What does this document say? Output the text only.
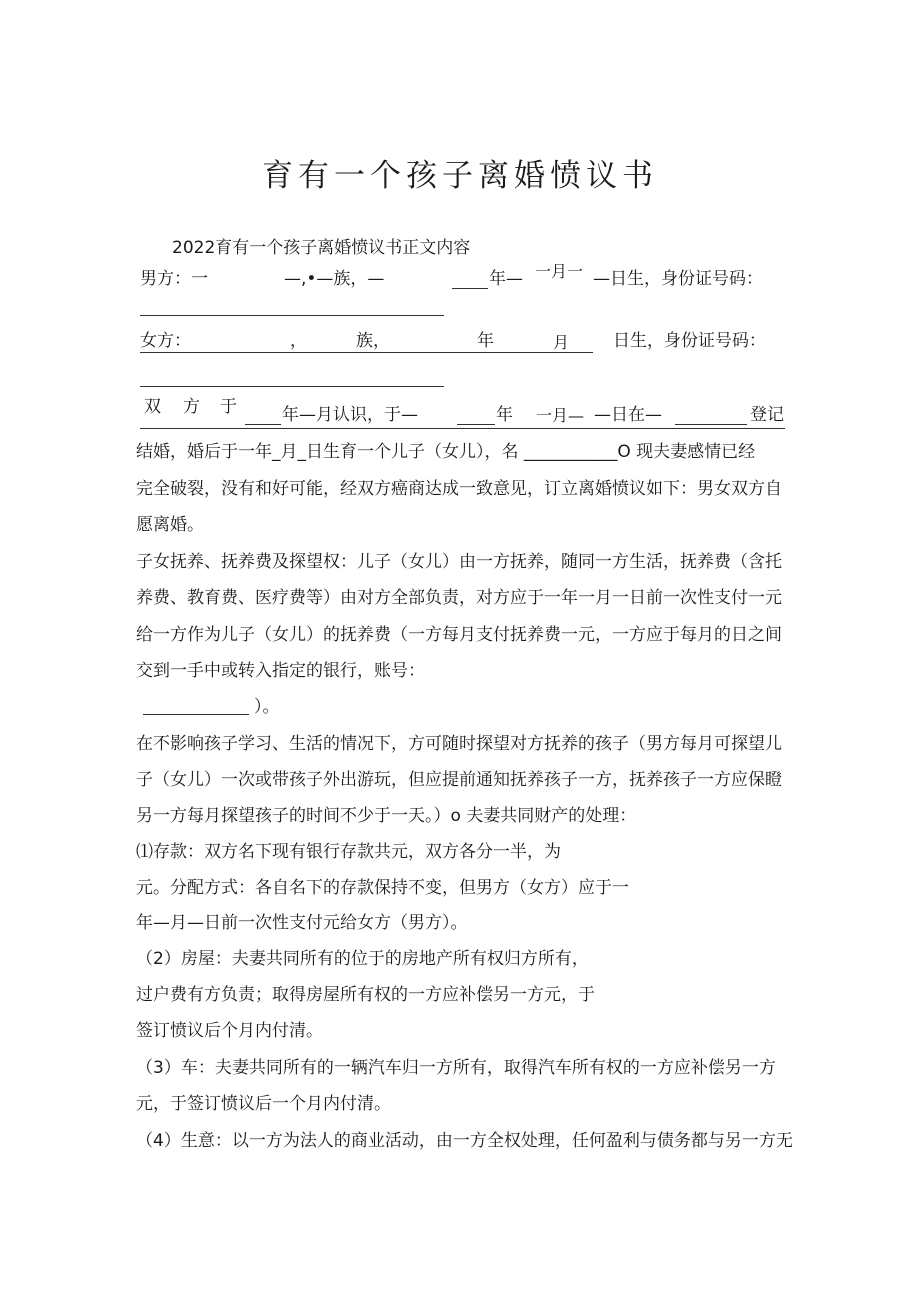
育有一个孩子离婚愤议书
2022育有一个孩子离婚愤议书正文内容
男方：一	—,•—族，—	年— 一月一 —日生，身份证号码：
女方：	，	族，	年	月	日生，身份证号码：
双 方 于	年—月认识，于—	年 一月— —日在—	登记
结婚，婚后于一年_月_日生育一个儿子（女儿），名 ___________O 现夫妻感情已经
完全破裂，没有和好可能，经双方癌商达成一致意见，订立离婚愤议如下：男女双方自
愿离婚。
子女抚养、抚养费及探望权：儿子（女儿）由一方抚养，随同一方生活，抚养费（含托
养费、教育费、医疗费等）由对方全部负责，对方应于一年一月一日前一次性支付一元
给一方作为儿子（女儿）的抚养费（一方每月支付抚养费一元，一方应于每月的日之间
交到一手中或转入指定的银行，账号：
）。
在不影响孩子学习、生活的情况下，方可随时探望对方抚养的孩子（男方每月可探望儿
子（女儿）一次或带孩子外出游玩，但应提前通知抚养孩子一方，抚养孩子一方应保瞪
另一方每月探望孩子的时间不少于一天。）o 夫妻共同财产的处理：
⑴存款：双方名下现有银行存款共元，双方各分一半，为
元。分配方式：各自名下的存款保持不变，但男方（女方）应于一
年—月—日前一次性支付元给女方（男方）。
（2）房屋：夫妻共同所有的位于的房地产所有权归方所有，
过户费有方负责；取得房屋所有权的一方应补偿另一方元，于
签订愤议后个月内付清。
（3）车：夫妻共同所有的一辆汽车归一方所有，取得汽车所有权的一方应补偿另一方
元，于签订愤议后一个月内付清。
（4）生意：以一方为法人的商业活动，由一方全权处理，任何盈利与债务都与另一方无
